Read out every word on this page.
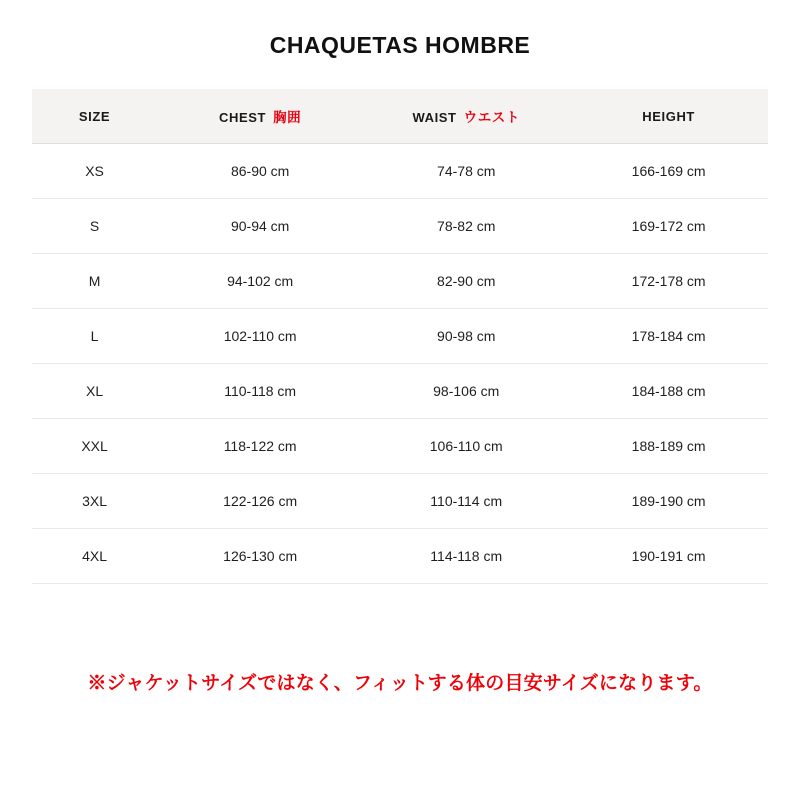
CHAQUETAS HOMBRE
SIZE	CHEST 胸囲	WAIST ウエスト	HEIGHT
XS	86-90 cm	74-78 cm	166-169 cm
S	90-94 cm	78-82 cm	169-172 cm
M	94-102 cm	82-90 cm	172-178 cm
L	102-110 cm	90-98 cm	178-184 cm
XL	110-118 cm	98-106 cm	184-188 cm
XXL	118-122 cm	106-110 cm	188-189 cm
3XL	122-126 cm	110-114 cm	189-190 cm
4XL	126-130 cm	114-118 cm	190-191 cm
※ジャケットサイズではなく、フィットする体の目安サイズになります。
